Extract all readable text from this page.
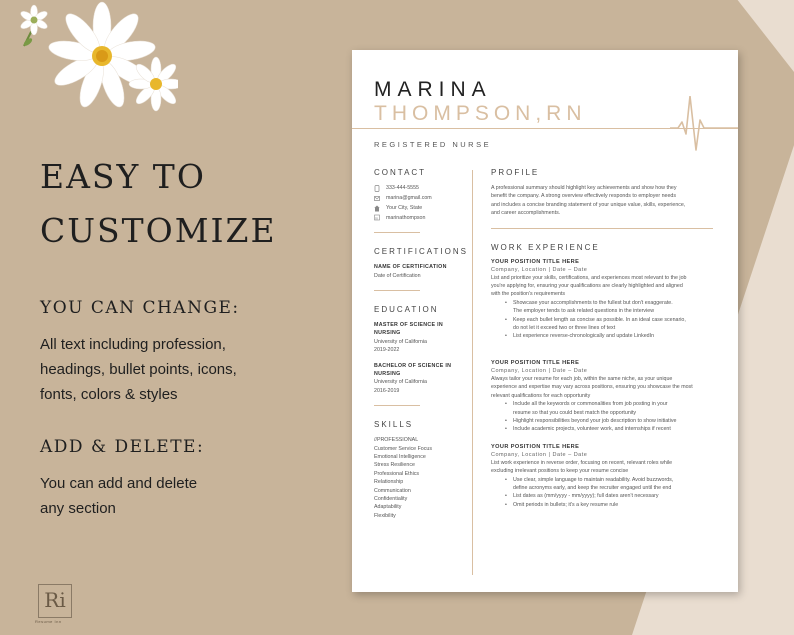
EASY TO
CUSTOMIZE
YOU CAN CHANGE:

All text including profession,
headings, bullet points, icons,
fonts, colors & styles

ADD & DELETE:

You can add and delete
any section

Ri
Resume Inn
MARINA
THOMPSON,RN
REGISTERED NURSE
CONTACT
333-444-5555
marina@gmail.com
Your City, State
in marinathompson
CERTIFICATIONS
NAME OF CERTIFICATION
Date of Certification
EDUCATION
MASTER OF SCIENCE IN
NURSING
University of California
2019-2022
BACHELOR OF SCIENCE IN
NURSING
University of California
2016-2019
SKILLS
//PROFESSIONAL
Customer Service Focus
Emotional Intelligence
Stress Resilience
Professional Ethics
Relationship
Communication
Confidentiality
Adaptability
Flexibility
PROFILE
A professional summary should highlight key achievements and show how they
benefit the company. A strong overview effectively responds to employer needs
and includes a concise branding statement of your unique value, skills, experience,
and career accomplishments.
WORK EXPERIENCE
YOUR POSITION TITLE HERE
Company, Location | Date – Date
List and prioritize your skills, certifications, and experiences most relevant to the job
you're applying for, ensuring your qualifications are clearly highlighted and aligned
with the position's requirements
• Showcase your accomplishments to the fullest but don't exaggerate.
The employer tends to ask related questions in the interview
• Keep each bullet length as concise as possible. In an ideal case scenario,
do not let it exceed two or three lines of text
• List experience reverse-chronologically and update LinkedIn
YOUR POSITION TITLE HERE
Company, Location | Date – Date
Always tailor your resume for each job, within the same niche, as your unique
experience and expertise may vary across positions, ensuring you showcase the most
relevant qualifications for each opportunity
• Include all the keywords or commonalities from job posting in your
resume so that you could best match the opportunity
• Highlight responsibilities beyond your job description to show initiative
• Include academic projects, volunteer work, and internships if recent
YOUR POSITION TITLE HERE
Company, Location | Date – Date
List work experience in reverse order, focusing on recent, relevant roles while
excluding irrelevant positions to keep your resume concise
• Use clear, simple language to maintain readability. Avoid buzzwords,
define acronyms early, and keep the recruiter engaged until the end
• List dates as (mm/yyyy - mm/yyyy); full dates aren't necessary
• Omit periods in bullets; it's a key resume rule
